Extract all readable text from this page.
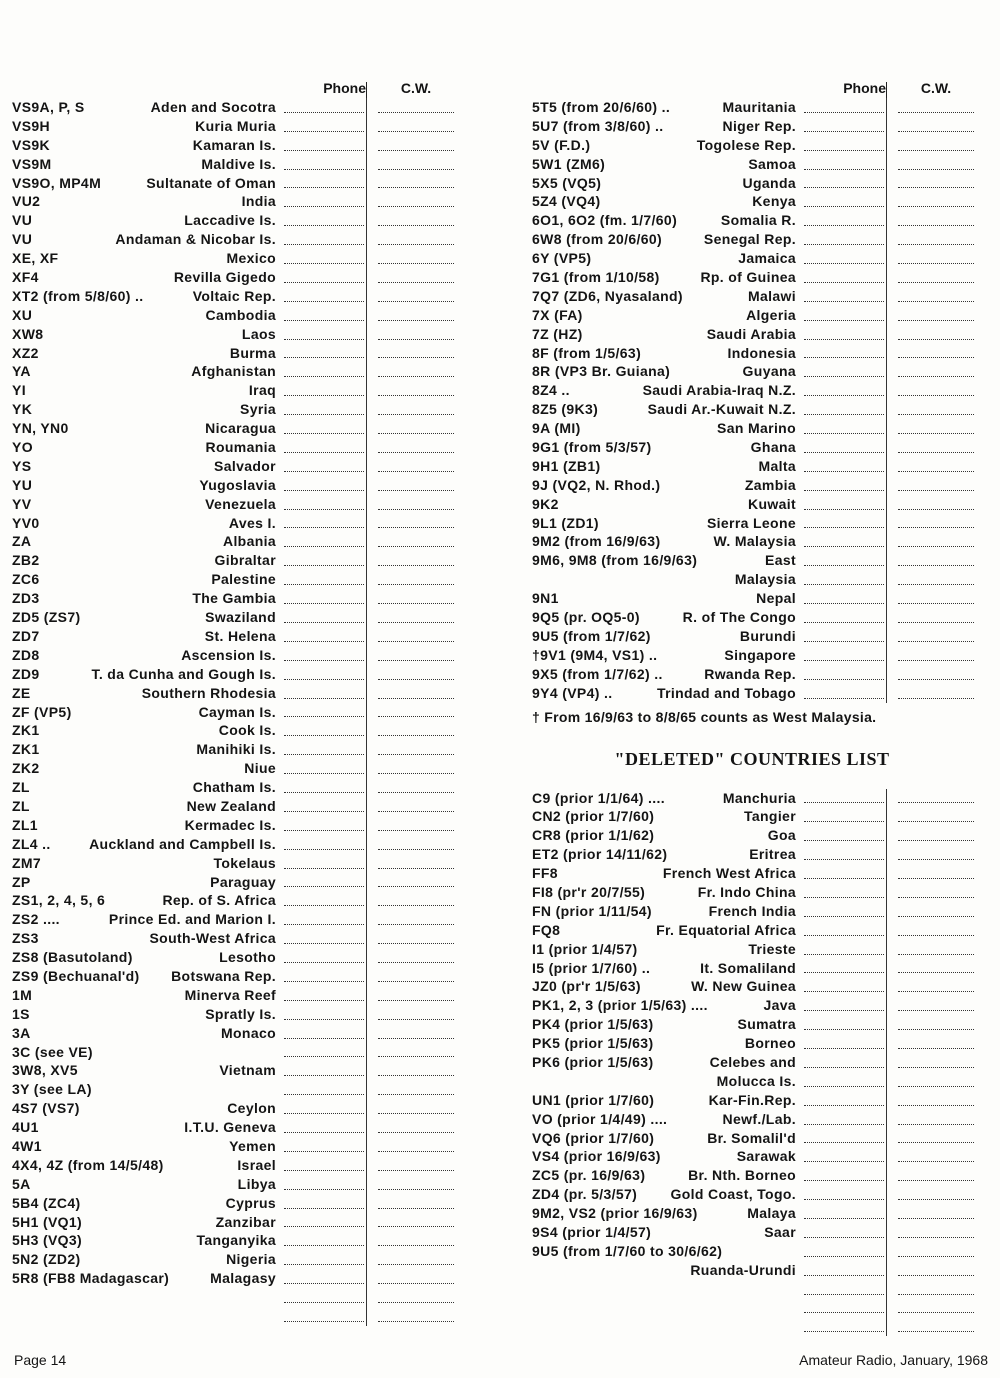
Phone	C.W.
VS9A, P, S	Aden and Socotra
VS9H	Kuria Muria
VS9K	Kamaran Is.
VS9M	Maldive Is.
VS9O, MP4M	Sultanate of Oman
VU2	India
VU	Laccadive Is.
VU	Andaman & Nicobar Is.
XE, XF	Mexico
XF4	Revilla Gigedo
XT2 (from 5/8/60) ..	Voltaic Rep.
XU	Cambodia
XW8	Laos
XZ2	Burma
YA	Afghanistan
YI	Iraq
YK	Syria
YN, YN0	Nicaragua
YO	Roumania
YS	Salvador
YU	Yugoslavia
YV	Venezuela
YV0	Aves I.
ZA	Albania
ZB2	Gibraltar
ZC6	Palestine
ZD3	The Gambia
ZD5 (ZS7)	Swaziland
ZD7	St. Helena
ZD8	Ascension Is.
ZD9	T. da Cunha and Gough Is.
ZE	Southern Rhodesia
ZF (VP5)	Cayman Is.
ZK1	Cook Is.
ZK1	Manihiki Is.
ZK2	Niue
ZL	Chatham Is.
ZL	New Zealand
ZL1	Kermadec Is.
ZL4 ..	Auckland and Campbell Is.
ZM7	Tokelaus
ZP	Paraguay
ZS1, 2, 4, 5, 6	Rep. of S. Africa
ZS2 ....	Prince Ed. and Marion I.
ZS3	South-West Africa
ZS8 (Basutoland)	Lesotho
ZS9 (Bechuanal'd) Botswana Rep.
1M	Minerva Reef
1S	Spratly Is.
3A	Monaco
3C (see VE)
3W8, XV5	Vietnam
3Y (see LA)
4S7 (VS7)	Ceylon
4U1	I.T.U. Geneva
4W1	Yemen
4X4, 4Z (from 14/5/48)	Israel
5A	Libya
5B4 (ZC4)	Cyprus
5H1 (VQ1)	Zanzibar
5H3 (VQ3)	Tanganyika
5N2 (ZD2)	Nigeria
5R8 (FB8 Madagascar)	Malagasy
Phone	C.W.
5T5 (from 20/6/60) ..	Mauritania
5U7 (from 3/8/60) ..	Niger Rep.
5V (F.D.)	Togolese Rep.
5W1 (ZM6)	Samoa
5X5 (VQ5)	Uganda
5Z4 (VQ4)	Kenya
6O1, 6O2 (fm. 1/7/60)	Somalia R.
6W8 (from 20/6/60)	Senegal Rep.
6Y (VP5)	Jamaica
7G1 (from 1/10/58)	Rp. of Guinea
7Q7 (ZD6, Nyasaland)	Malawi
7X (FA)	Algeria
7Z (HZ)	Saudi Arabia
8F (from 1/5/63)	Indonesia
8R (VP3 Br. Guiana)	Guyana
8Z4 ..	Saudi Arabia-Iraq N.Z.
8Z5 (9K3)	Saudi Ar.-Kuwait N.Z.
9A (MI)	San Marino
9G1 (from 5/3/57)	Ghana
9H1 (ZB1)	Malta
9J (VQ2, N. Rhod.)	Zambia
9K2	Kuwait
9L1 (ZD1)	Sierra Leone
9M2 (from 16/9/63)	W. Malaysia
9M6, 9M8 (from 16/9/63)	East
Malaysia
9N1	Nepal
9Q5 (pr. OQ5-0)	R. of The Congo
9U5 (from 1/7/62)	Burundi
†9V1 (9M4, VS1) ..	Singapore
9X5 (from 1/7/62) ..	Rwanda Rep.
9Y4 (VP4) ..	Trindad and Tobago
† From 16/9/63 to 8/8/65 counts as West Malaysia.
"DELETED" COUNTRIES LIST
C9 (prior 1/1/64) ....	Manchuria
CN2 (prior 1/7/60)	Tangier
CR8 (prior 1/1/62)	Goa
ET2 (prior 14/11/62)	Eritrea
FF8	French West Africa
FI8 (pr'r 20/7/55)	Fr. Indo China
FN (prior 1/11/54)	French India
FQ8	Fr. Equatorial Africa
I1 (prior 1/4/57)	Trieste
I5 (prior 1/7/60) ..	It. Somaliland
JZ0 (pr'r 1/5/63)	W. New Guinea
PK1, 2, 3 (prior 1/5/63) ....	Java
PK4 (prior 1/5/63)	Sumatra
PK5 (prior 1/5/63)	Borneo
PK6 (prior 1/5/63)	Celebes and
Molucca Is.
UN1 (prior 1/7/60)	Kar-Fin.Rep.
VO (prior 1/4/49) ....	Newf./Lab.
VQ6 (prior 1/7/60)	Br. Somalil'd
VS4 (prior 16/9/63)	Sarawak
ZC5 (pr. 16/9/63)	Br. Nth. Borneo
ZD4 (pr. 5/3/57) Gold Coast, Togo.
9M2, VS2 (prior 16/9/63)	Malaya
9S4 (prior 1/4/57)	Saar
9U5 (from 1/7/60 to 30/6/62)
Ruanda-Urundi
Page 14	Amateur Radio, January, 1968
